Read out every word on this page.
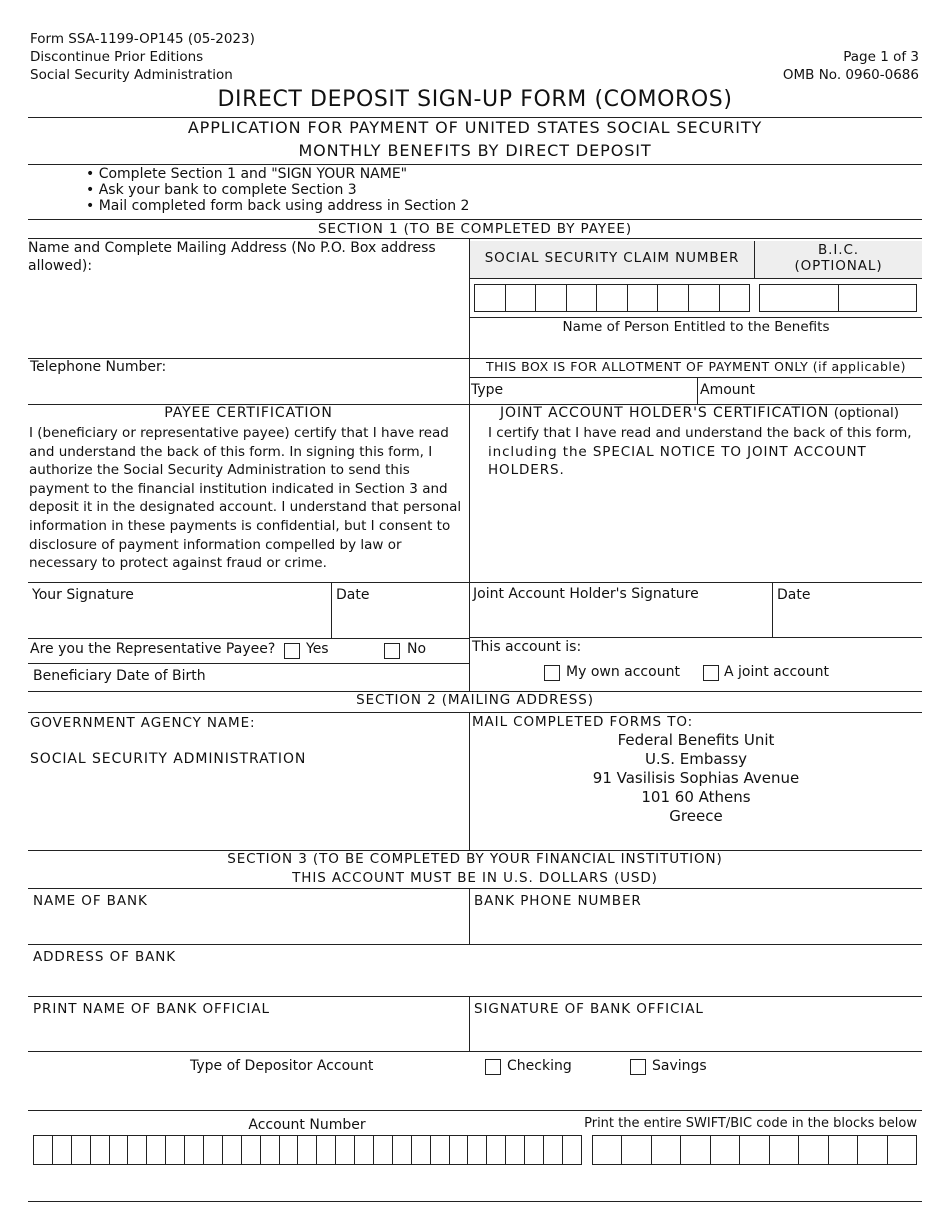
Form SSA-1199-OP145 (05-2023)
Discontinue Prior Editions
Social Security Administration
Page 1 of 3
OMB No. 0960-0686
DIRECT DEPOSIT SIGN-UP FORM (COMOROS)
APPLICATION FOR PAYMENT OF UNITED STATES SOCIAL SECURITY
MONTHLY BENEFITS BY DIRECT DEPOSIT
• Complete Section 1 and "SIGN YOUR NAME"
• Ask your bank to complete Section 3
• Mail completed form back using address in Section 2
SECTION 1 (TO BE COMPLETED BY PAYEE)
Name and Complete Mailing Address (No P.O. Box address
allowed):	SOCIAL SECURITY CLAIM NUMBER	B.I.C.
(OPTIONAL)
Name of Person Entitled to the Benefits
Telephone Number:	THIS BOX IS FOR ALLOTMENT OF PAYMENT ONLY (if applicable)
Type	Amount
PAYEE CERTIFICATION
I (beneficiary or representative payee) certify that I have read
and understand the back of this form. In signing this form, I
authorize the Social Security Administration to send this
payment to the financial institution indicated in Section 3 and
deposit it in the designated account. I understand that personal
information in these payments is confidential, but I consent to
disclosure of payment information compelled by law or
necessary to protect against fraud or crime.
JOINT ACCOUNT HOLDER'S CERTIFICATION (optional)
I certify that I have read and understand the back of this form,
including the SPECIAL NOTICE TO JOINT ACCOUNT
HOLDERS.
Your Signature	Date	Joint Account Holder's Signature	Date
Are you the Representative Payee? Yes	No
Beneficiary Date of Birth
This account is:
My own account	A joint account
SECTION 2 (MAILING ADDRESS)
GOVERNMENT AGENCY NAME:
SOCIAL SECURITY ADMINISTRATION
MAIL COMPLETED FORMS TO:
Federal Benefits Unit
U.S. Embassy
91 Vasilisis Sophias Avenue
101 60 Athens
Greece
SECTION 3 (TO BE COMPLETED BY YOUR FINANCIAL INSTITUTION)
THIS ACCOUNT MUST BE IN U.S. DOLLARS (USD)
NAME OF BANK	BANK PHONE NUMBER
ADDRESS OF BANK
PRINT NAME OF BANK OFFICIAL	SIGNATURE OF BANK OFFICIAL
Type of Depositor Account	Checking	Savings
Account Number	Print the entire SWIFT/BIC code in the blocks below
